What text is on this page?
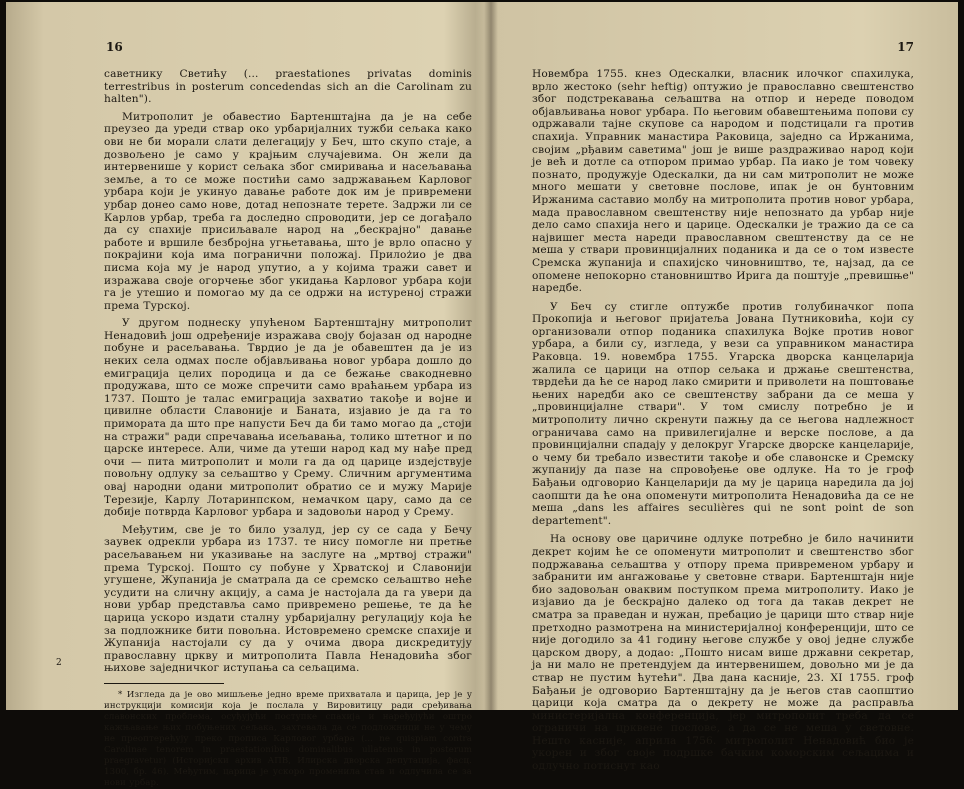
16

саветнику Светићу (... praestationes privatas dominis terrestribus in posterum concedendas sich an die Carolinam zu halten").

Митрополит је обавестио Бартенштајна да је на себе преузео да уреди ствар око урбаријалних тужби сељака како ови не би морали слати делегацију у Беч, што скупо стаје, а дозвољено је само у крајњим случајевима. Он жели да интервенише у корист сељака због смиривања и насељавања земље, а то се може постићи само задржавањем Карловог урбара који је укинуо давање работе док им је привремени урбар донео само нове, дотад непознате терете. Задржи ли се Карлов урбар, треба га доследно спроводити, јер се догађало да су спахије присиљавале народ на „бескрајно" давање работе и вршиле безбројна угњетавања, што је врло опасно у покрајини која има погранични положај. Прилożио је два писма која му је народ упутио, а у којима тражи савет и изражава своје огорчење због укидања Карловог урбара који га је утешио и помогао му да се одржи на истуреној стражи према Турској.

У другом поднеску упућеном Бартенштајну митрополит Ненадовић још одређеније изражава своју бојазан од народне побуне и расељавања. Тврдио је да је обавештен да је из неких села одмах после објављивања новог урбара дошло до емиграција целих породица и да се бежање свакодневно продужава, што се може спречити само враћањем урбара из 1737. Пошто је талас емиграција захватио такође и војне и цивилне области Славоније и Баната, изјавио је да га то примората да што пре напусти Беч да би тамо могао да „стоји на стражи" ради спречавања исељавања, толико штетног и по царске интересе. Али, чиме да утеши народ кад му нађе пред очи — пита митрополит и моли га да од царице издејствује повољну одлуку за сељаштво у Срему. Сличним аргументима овај народни одани митрополит обратио се и мужу Марије Терезије, Карлу Лотаринпском, немачком цару, само да се добије потврда Карловог урбара и задовољи народ у Срему.

Међутим, све је то било узалуд, јер су се сада у Бечу заувек одрекли урбара из 1737. те нису помогле ни претње расељавањем ни указивање на заслуге на „мртвој стражи" према Турској. Пошто су побуне у Хрватској и Славонији угушене, Жупанија је сматрала да се сремско сељаштво неће усудити на сличну акцију, а сама је настојала да га увери да нови урбар представља само привремено решење, те да ће царица ускоро издати сталну урбаријалну регулацију која ће за подложнике бити повољна. Истовремено сремске спахије и Жупанија настојали су да у очима двора дискредитују православну цркву и митрополита Павла Ненадовића због њихове заједничког иступања са сељацима.

* Изгледа да је ово мишљење једно време прихватала и царица, јер је у инструкцији комисији која је послала у Вировитицу ради сређивања славонских проблема, осуђујући поступке спахија и наређујући оштро кажњавање њих побуњених сељака, захтевала да се подложници не у чему не преоптерећују преко прописа Карловог урбара (... ne quispiam contra Carolinae tenorem in praestationibus dominalibus ullatenus in posterum praegravetur) (Историјски архив АПВ, Илирска дворска депутација, фасц. 1300, бр. 46). Међутим, царица је ускоро променила став и одлучила се за нови урбар.

2
17

Новембра 1755. кнез Одескалки, власник илочког спахилука, врло жестоко (sehr heftig) оптужио је православно свештенство због подстрекавања сељаштва на отпор и нереде поводом објављивања новог урбара. По његовим обавештењима попови су одржавали тајне скупове са народом и подстицали га против спахија. Управник манастира Раковица, заједно са Иржанима, својим „рђавим саветима" још је више раздраживао народ који је већ и дотле са отпором примао урбар. Па иако је том човеку познато, продужује Одескалки, да ни сам митрополит не може много мешати у световне послове, ипак је он бунтовним Иржанима саставио молбу на митрополита против новог урбара, мада православном свештенству није непознато да урбар није дело само спахија него и царице. Одескалки је тражио да се са највишег места нареди православном свештенству да се не меша у ствари провинцијалних поданика и да се о том известе Сремска жупанија и спахијско чиновништво, те, најзад, да се опомене непокорно становништво Ирига да поштује „превишње" наредбе.

У Беч су стигле оптужбе против голубиначког попа Прокопија и његовог пријатеља Јована Путниковића, који су организовали отпор поданика спахилука Војке против новог урбара, а били су, изгледа, у вези са управником манастира Раковца. 19. новембра 1755. Угарска дворска канцеларија жалила се царици на отпор сељака и држање свештенства, тврдећи да ће се народ лако смирити и приволети на поштовање њених наредби ако се свештенству забрани да се меша у „провинцијалне ствари". У том смислу потребно је и митрополиту лично скренути пажњу да се његова надлежност ограничава само на привилегијалне и верске послове, а да провинцијални спадају у делокруг Угарске дворске канцеларије, о чему би требало известити такође и обе славонске и Сремску жупанију да пазе на спровођење ове одлуке. На то је гроф Бађањи одговорио Канцеларији да му је царица наредила да јој саопшти да ће она опоменути митрополита Ненадовића да се не меша „dans les affaires seculières qui ne sont point de son departement".

На основу ове царичине одлуке потребно је било начинити декрет којим ће се опоменути митрополит и свештенство због подржавања сељаштва у отпору према привременом урбару и забранити им ангажовање у световне ствари. Бартенштајн није био задовољан оваквим поступком према митрополиту. Иако је изјавио да је бескрајно далеко од тога да такав декрет не сматра за праведан и нужан, пребацио је царици што ствар није претходно размотрена на министеријалној конференцији, што се није догодило за 41 годину његове службе у овој једне службе царском двору, а додао: „Пошто нисам више државни секретар, ја ни мало не претендујем да интервенишем, довољно ми је да ствар не пустим ћутећи". Два дана касније, 23. XI 1755. гроф Бађањи је одговорио Бартенштајну да је његов став саопштио царици која сматра да о декрету не може да расправља министеријална конференција, јер митрополит треба да се ограничи на црквене послове, а да се не меша у световне. Нешто касније, априла 1756. митрополит Ненадовић био је укорен и због своје подршке бачким коморским сељацима и одлучно потиснут као
